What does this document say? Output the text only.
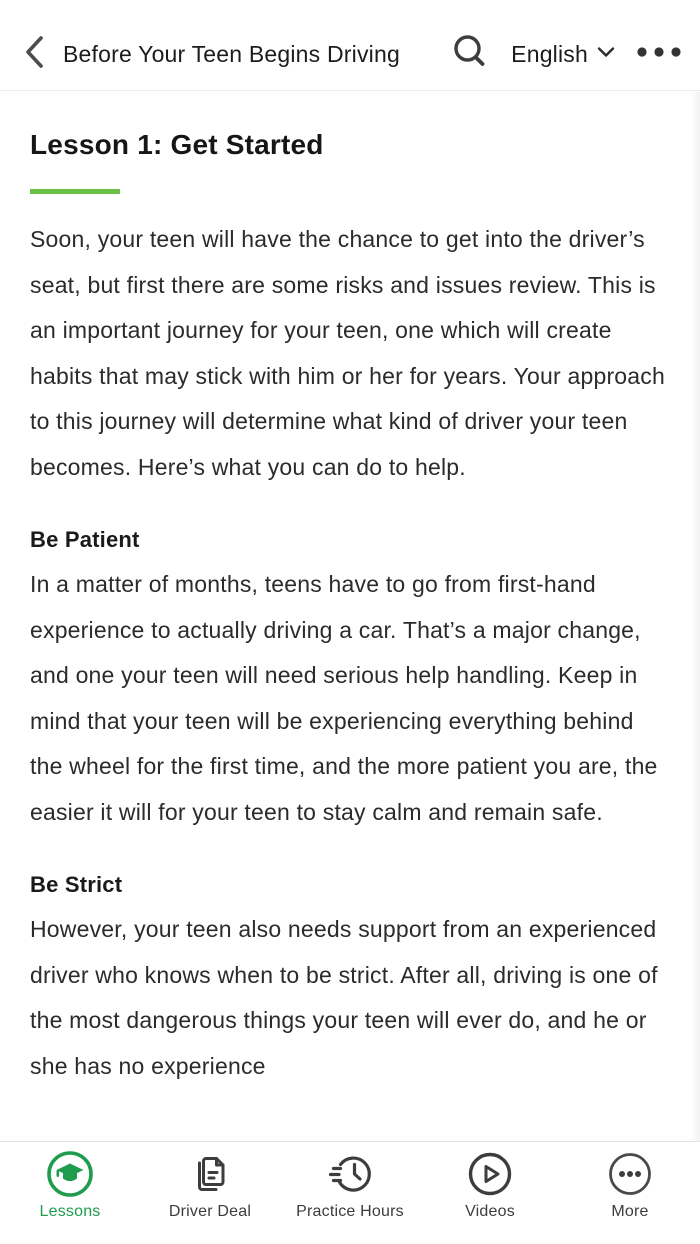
Before Your Teen Begins Driving	English
Lesson 1: Get Started

Soon, your teen will have the chance to get into the driver’s seat, but first there are some risks and issues review. This is an important journey for your teen, one which will create habits that may stick with him or her for years. Your approach to this journey will determine what kind of driver your teen becomes. Here’s what you can do to help.

Be Patient

In a matter of months, teens have to go from first-hand experience to actually driving a car. That’s a major change, and one your teen will need serious help handling. Keep in mind that your teen will be experiencing everything behind the wheel for the first time, and the more patient you are, the easier it will for your teen to stay calm and remain safe.

Be Strict

However, your teen also needs support from an experienced driver who knows when to be strict. After all, driving is one of the most dangerous things your teen will ever do, and he or she has no experience

Lessons	Driver Deal	Practice Hours	Videos	More
